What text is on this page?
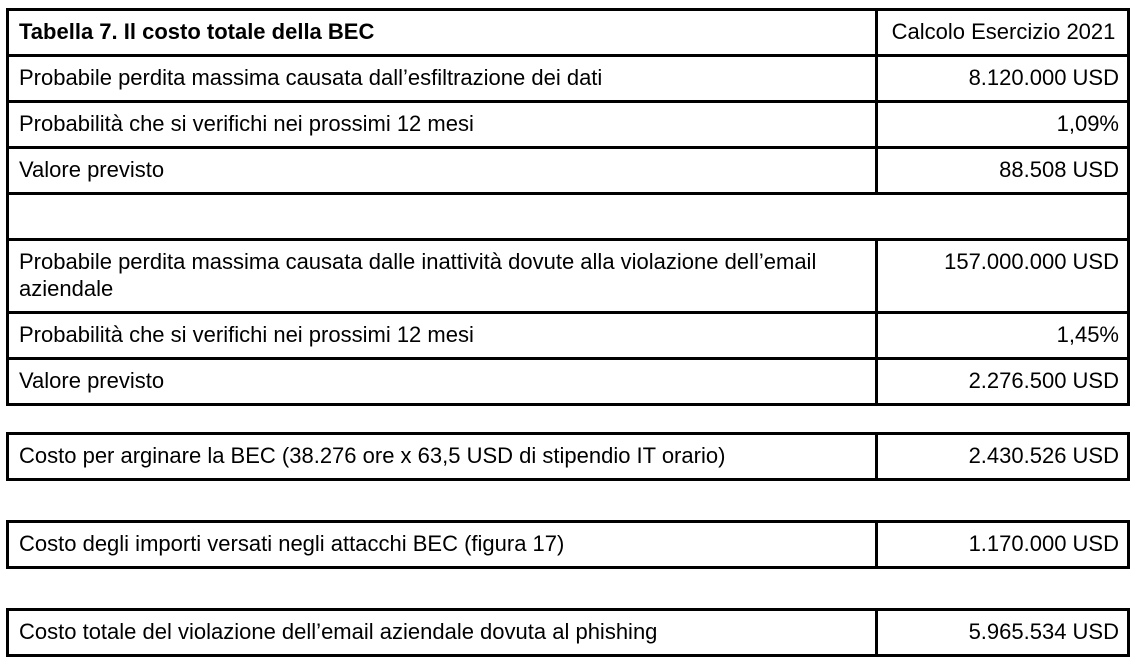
Tabella 7. Il costo totale della BEC	Calcolo Esercizio 2021
Probabile perdita massima causata dall’esfiltrazione dei dati	8.120.000 USD
Probabilità che si verifichi nei prossimi 12 mesi	1,09%
Valore previsto	88.508 USD

Probabile perdita massima causata dalle inattività dovute alla violazione dell’email aziendale	157.000.000 USD
Probabilità che si verifichi nei prossimi 12 mesi	1,45%
Valore previsto	2.276.500 USD
Costo per arginare la BEC (38.276 ore x 63,5 USD di stipendio IT orario)	2.430.526 USD
Costo degli importi versati negli attacchi BEC (figura 17)	1.170.000 USD
Costo totale del violazione dell’email aziendale dovuta al phishing	5.965.534 USD
